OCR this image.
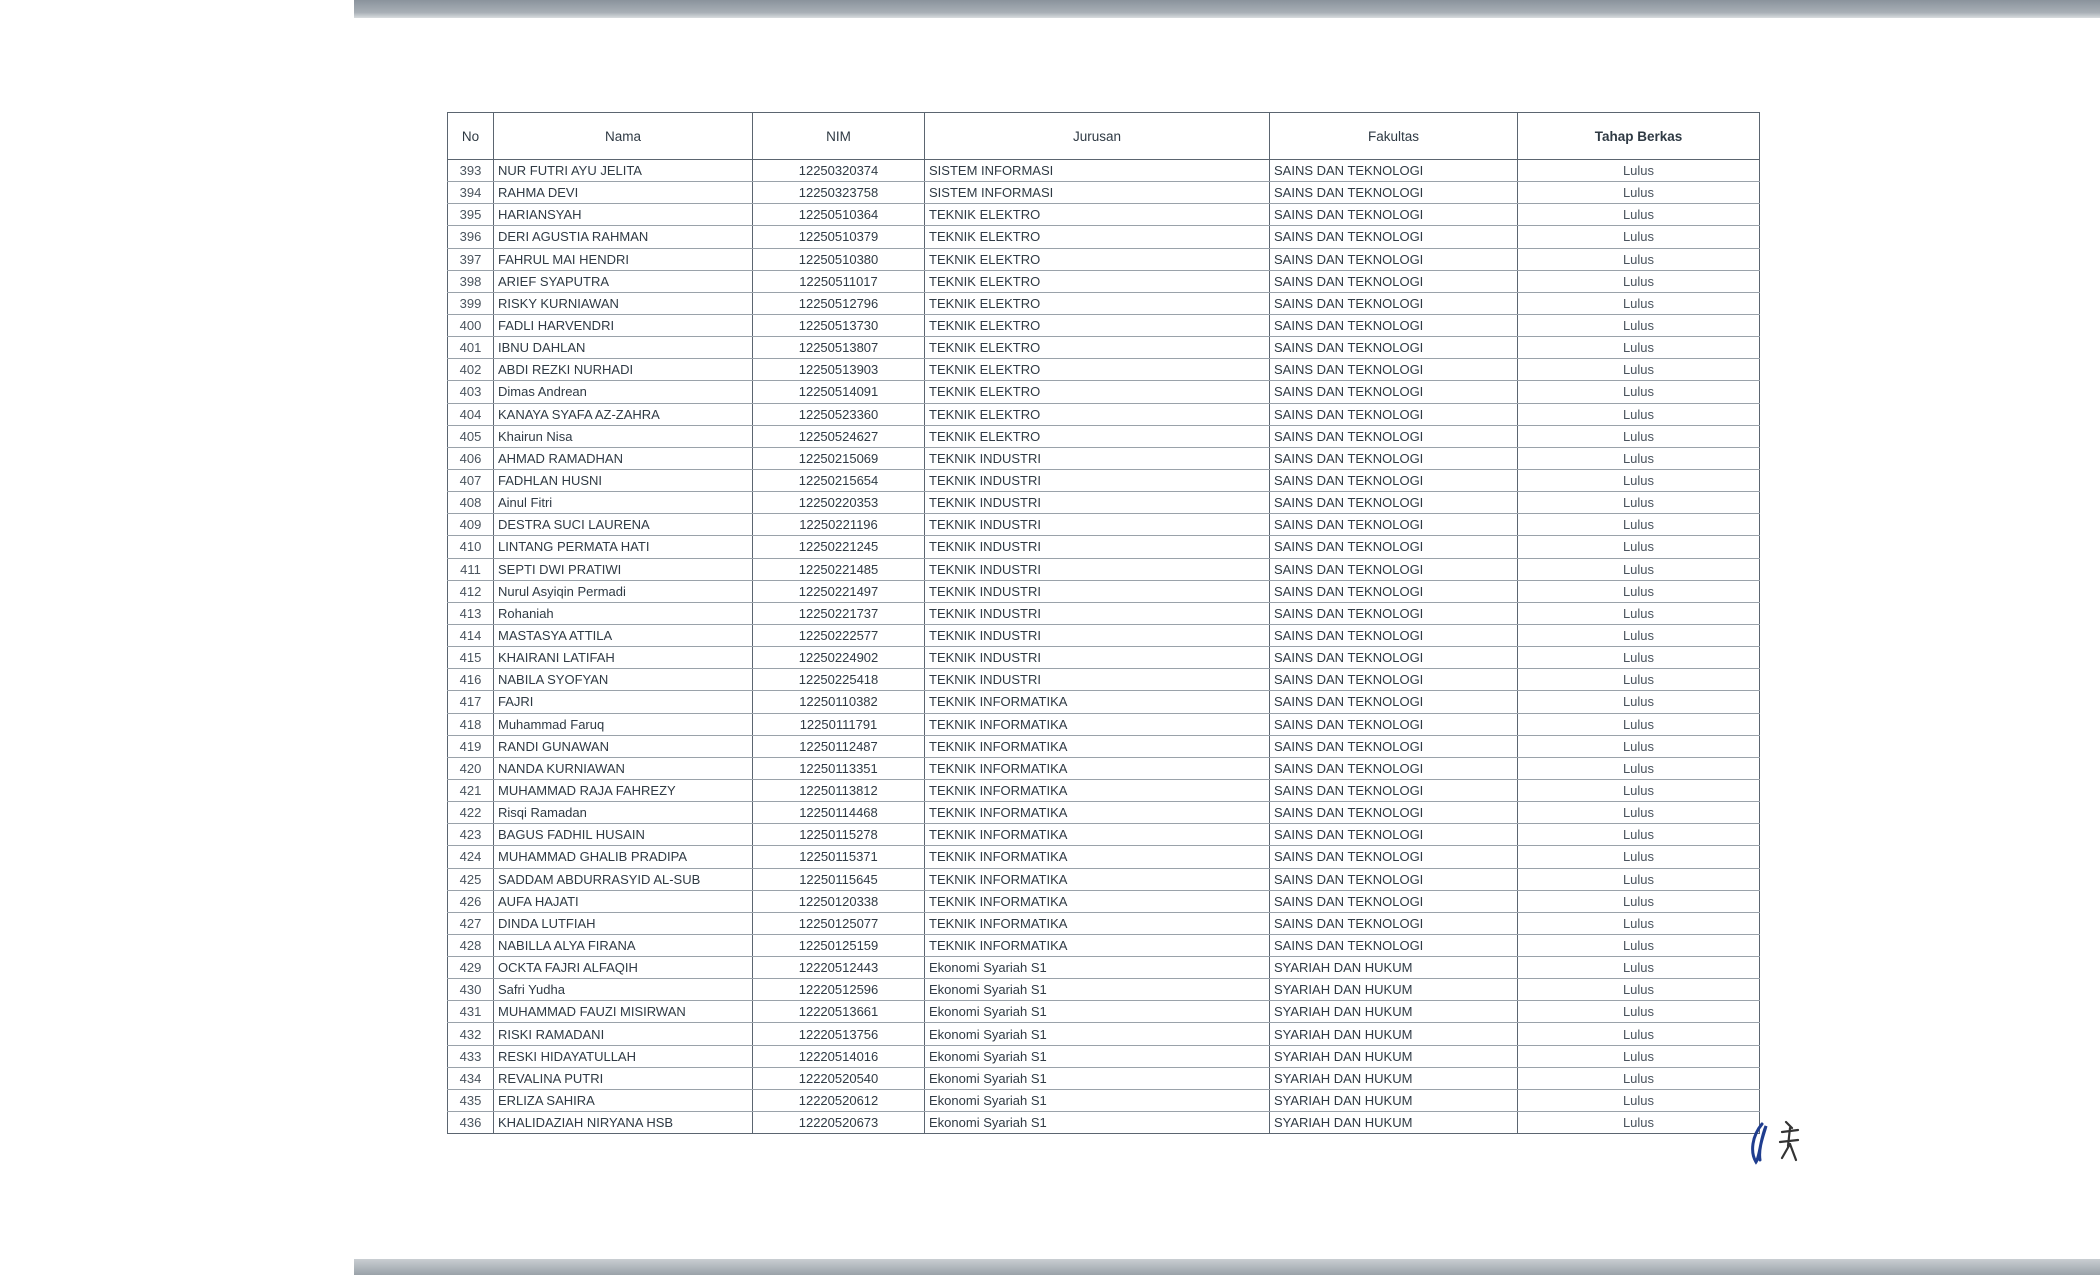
No	Nama	NIM	Jurusan	Fakultas	Tahap Berkas
393	NUR FUTRI AYU JELITA	12250320374	SISTEM INFORMASI	SAINS DAN TEKNOLOGI	Lulus
394	RAHMA DEVI	12250323758	SISTEM INFORMASI	SAINS DAN TEKNOLOGI	Lulus
395	HARIANSYAH	12250510364	TEKNIK ELEKTRO	SAINS DAN TEKNOLOGI	Lulus
396	DERI AGUSTIA RAHMAN	12250510379	TEKNIK ELEKTRO	SAINS DAN TEKNOLOGI	Lulus
397	FAHRUL MAI HENDRI	12250510380	TEKNIK ELEKTRO	SAINS DAN TEKNOLOGI	Lulus
398	ARIEF SYAPUTRA	12250511017	TEKNIK ELEKTRO	SAINS DAN TEKNOLOGI	Lulus
399	RISKY KURNIAWAN	12250512796	TEKNIK ELEKTRO	SAINS DAN TEKNOLOGI	Lulus
400	FADLI HARVENDRI	12250513730	TEKNIK ELEKTRO	SAINS DAN TEKNOLOGI	Lulus
401	IBNU DAHLAN	12250513807	TEKNIK ELEKTRO	SAINS DAN TEKNOLOGI	Lulus
402	ABDI REZKI NURHADI	12250513903	TEKNIK ELEKTRO	SAINS DAN TEKNOLOGI	Lulus
403	Dimas Andrean	12250514091	TEKNIK ELEKTRO	SAINS DAN TEKNOLOGI	Lulus
404	KANAYA SYAFA AZ-ZAHRA	12250523360	TEKNIK ELEKTRO	SAINS DAN TEKNOLOGI	Lulus
405	Khairun Nisa	12250524627	TEKNIK ELEKTRO	SAINS DAN TEKNOLOGI	Lulus
406	AHMAD RAMADHAN	12250215069	TEKNIK INDUSTRI	SAINS DAN TEKNOLOGI	Lulus
407	FADHLAN HUSNI	12250215654	TEKNIK INDUSTRI	SAINS DAN TEKNOLOGI	Lulus
408	Ainul Fitri	12250220353	TEKNIK INDUSTRI	SAINS DAN TEKNOLOGI	Lulus
409	DESTRA SUCI LAURENA	12250221196	TEKNIK INDUSTRI	SAINS DAN TEKNOLOGI	Lulus
410	LINTANG PERMATA HATI	12250221245	TEKNIK INDUSTRI	SAINS DAN TEKNOLOGI	Lulus
411	SEPTI DWI PRATIWI	12250221485	TEKNIK INDUSTRI	SAINS DAN TEKNOLOGI	Lulus
412	Nurul Asyiqin Permadi	12250221497	TEKNIK INDUSTRI	SAINS DAN TEKNOLOGI	Lulus
413	Rohaniah	12250221737	TEKNIK INDUSTRI	SAINS DAN TEKNOLOGI	Lulus
414	MASTASYA ATTILA	12250222577	TEKNIK INDUSTRI	SAINS DAN TEKNOLOGI	Lulus
415	KHAIRANI LATIFAH	12250224902	TEKNIK INDUSTRI	SAINS DAN TEKNOLOGI	Lulus
416	NABILA SYOFYAN	12250225418	TEKNIK INDUSTRI	SAINS DAN TEKNOLOGI	Lulus
417	FAJRI	12250110382	TEKNIK INFORMATIKA	SAINS DAN TEKNOLOGI	Lulus
418	Muhammad Faruq	12250111791	TEKNIK INFORMATIKA	SAINS DAN TEKNOLOGI	Lulus
419	RANDI GUNAWAN	12250112487	TEKNIK INFORMATIKA	SAINS DAN TEKNOLOGI	Lulus
420	NANDA KURNIAWAN	12250113351	TEKNIK INFORMATIKA	SAINS DAN TEKNOLOGI	Lulus
421	MUHAMMAD RAJA FAHREZY	12250113812	TEKNIK INFORMATIKA	SAINS DAN TEKNOLOGI	Lulus
422	Risqi Ramadan	12250114468	TEKNIK INFORMATIKA	SAINS DAN TEKNOLOGI	Lulus
423	BAGUS FADHIL HUSAIN	12250115278	TEKNIK INFORMATIKA	SAINS DAN TEKNOLOGI	Lulus
424	MUHAMMAD GHALIB PRADIPA	12250115371	TEKNIK INFORMATIKA	SAINS DAN TEKNOLOGI	Lulus
425	SADDAM ABDURRASYID AL-SUB	12250115645	TEKNIK INFORMATIKA	SAINS DAN TEKNOLOGI	Lulus
426	AUFA HAJATI	12250120338	TEKNIK INFORMATIKA	SAINS DAN TEKNOLOGI	Lulus
427	DINDA LUTFIAH	12250125077	TEKNIK INFORMATIKA	SAINS DAN TEKNOLOGI	Lulus
428	NABILLA ALYA FIRANA	12250125159	TEKNIK INFORMATIKA	SAINS DAN TEKNOLOGI	Lulus
429	OCKTA FAJRI ALFAQIH	12220512443	Ekonomi Syariah S1	SYARIAH DAN HUKUM	Lulus
430	Safri Yudha	12220512596	Ekonomi Syariah S1	SYARIAH DAN HUKUM	Lulus
431	MUHAMMAD FAUZI MISIRWAN	12220513661	Ekonomi Syariah S1	SYARIAH DAN HUKUM	Lulus
432	RISKI RAMADANI	12220513756	Ekonomi Syariah S1	SYARIAH DAN HUKUM	Lulus
433	RESKI HIDAYATULLAH	12220514016	Ekonomi Syariah S1	SYARIAH DAN HUKUM	Lulus
434	REVALINA PUTRI	12220520540	Ekonomi Syariah S1	SYARIAH DAN HUKUM	Lulus
435	ERLIZA SAHIRA	12220520612	Ekonomi Syariah S1	SYARIAH DAN HUKUM	Lulus
436	KHALIDAZIAH NIRYANA HSB	12220520673	Ekonomi Syariah S1	SYARIAH DAN HUKUM	Lulus
